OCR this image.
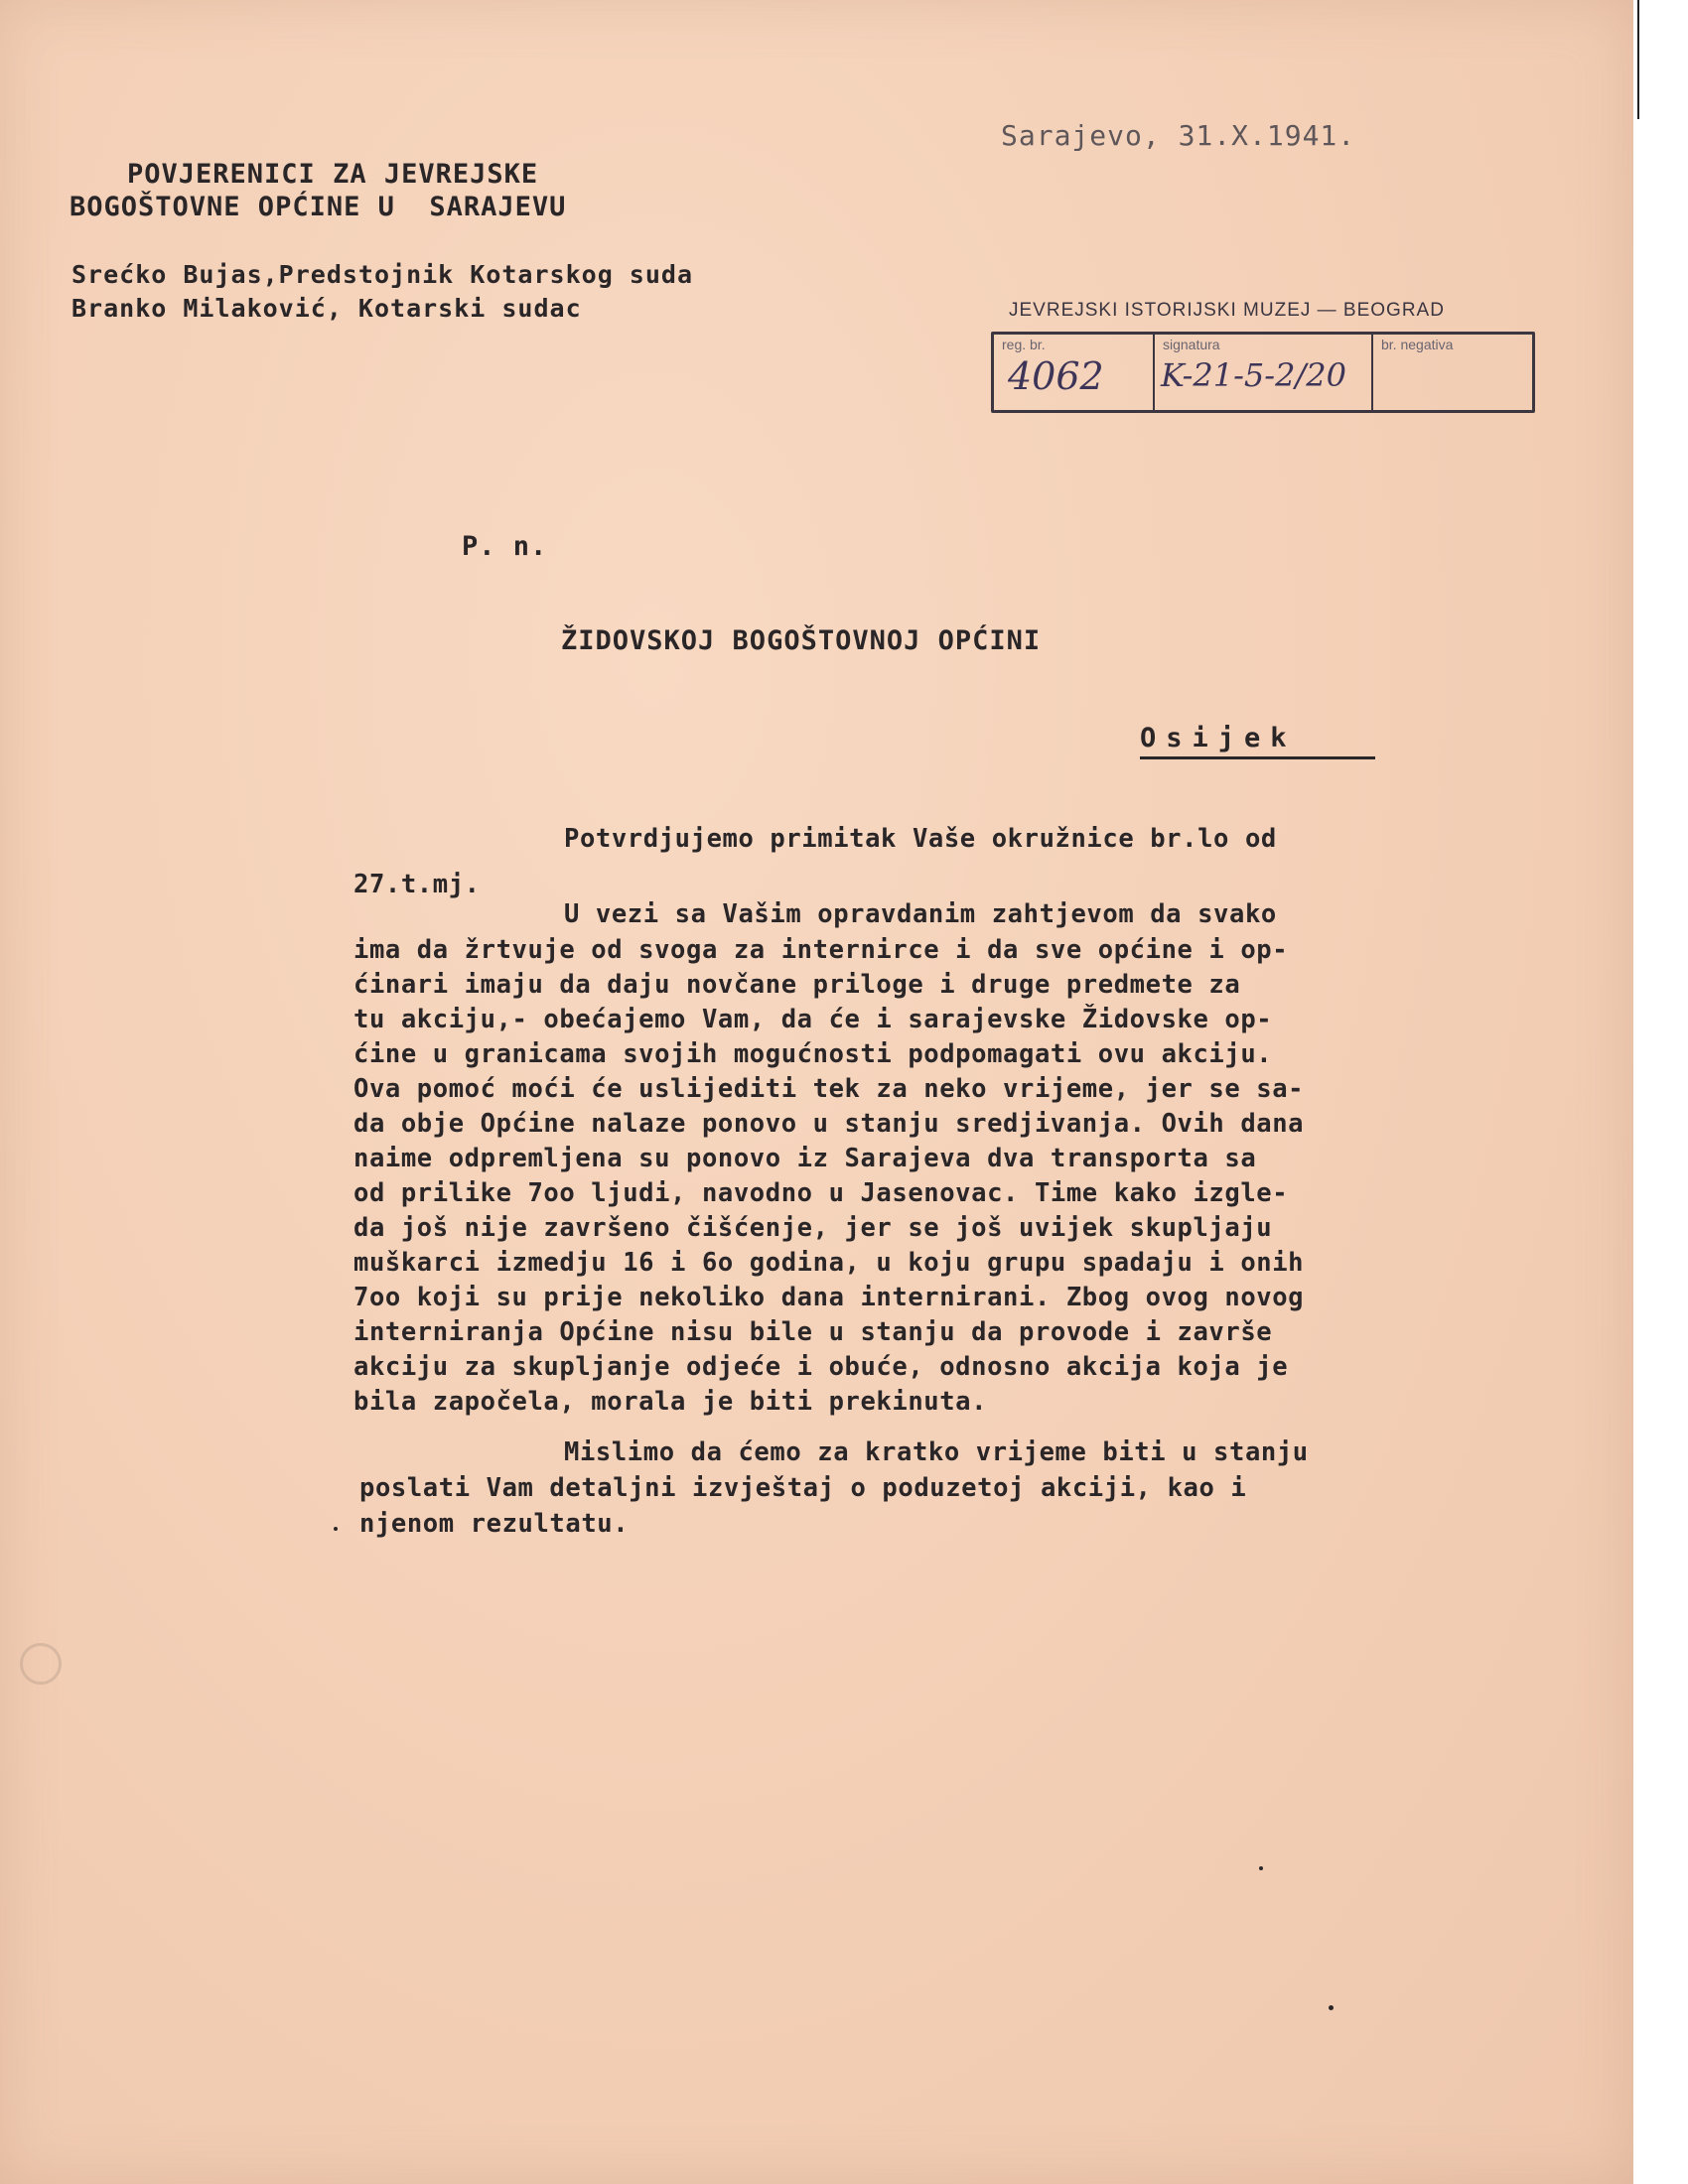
Sarajevo, 31.X.1941.
POVJERENICI ZA JEVREJSKE
BOGOŠTOVNE OPĆINE U  SARAJEVU
Srećko Bujas,Predstojnik Kotarskog suda
Branko Milaković, Kotarski sudac	JEVREJSKI ISTORIJSKI MUZEJ — BEOGRAD
reg. br.
4062
signatura
K-21-5-2/20
br. negativa
P. n.
ŽIDOVSKOJ BOGOŠTOVNOJ OPĆINI
Osijek
Potvrdjujemo primitak Vaše okružnice br.lo od
27.t.mj.
U vezi sa Vašim opravdanim zahtjevom da svako
ima da žrtvuje od svoga za internirce i da sve općine i op-
ćinari imaju da daju novčane priloge i druge predmete za
tu akciju,- obećajemo Vam, da će i sarajevske Židovske op-
ćine u granicama svojih mogućnosti podpomagati ovu akciju.
Ova pomoć moći će uslijediti tek za neko vrijeme, jer se sa-
da obje Općine nalaze ponovo u stanju sredjivanja. Ovih dana
naime odpremljena su ponovo iz Sarajeva dva transporta sa
od prilike 7oo ljudi, navodno u Jasenovac. Time kako izgle-
da još nije završeno čišćenje, jer se još uvijek skupljaju
muškarci izmedju 16 i 6o godina, u koju grupu spadaju i onih
7oo koji su prije nekoliko dana internirani. Zbog ovog novog
interniranja Općine nisu bile u stanju da provode i završe
akciju za skupljanje odjeće i obuće, odnosno akcija koja je
bila započela, morala je biti prekinuta.
Mislimo da ćemo za kratko vrijeme biti u stanju
poslati Vam detaljni izvještaj o poduzetoj akciji, kao i
njenom rezultatu.
